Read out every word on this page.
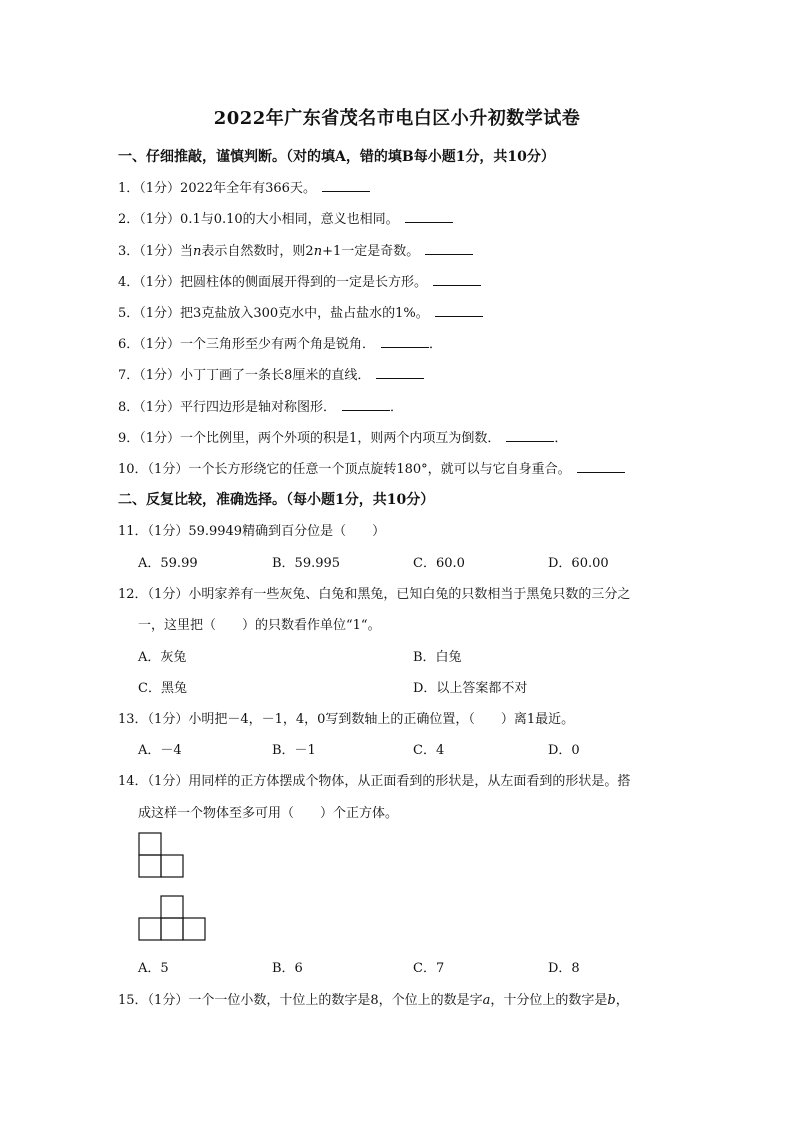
2022年广东省茂名市电白区小升初数学试卷
一、仔细推敲，谨慎判断。（对的填A，错的填B每小题1分，共10分）
1．（1分）2022年全年有366天。
2．（1分）0.1与0.10的大小相同，意义也相同。
3．（1分）当n表示自然数时，则2n+1一定是奇数。
4．（1分）把圆柱体的侧面展开得到的一定是长方形。
5．（1分）把3克盐放入300克水中，盐占盐水的1%。
6．（1分）一个三角形至少有两个角是锐角．	．
7．（1分）小丁丁画了一条长8厘米的直线．
8．（1分）平行四边形是轴对称图形．	．
9．（1分）一个比例里，两个外项的积是1，则两个内项互为倒数．	．
10．（1分）一个长方形绕它的任意一个顶点旋转180°，就可以与它自身重合。
二、反复比较，准确选择。（每小题1分，共10分）
11．（1分）59.9949精确到百分位是（　　）
A．59.99	B．59.995	C．60.0	D．60.00
12．（1分）小明家养有一些灰兔、白兔和黑兔，已知白兔的只数相当于黑兔只数的三分之
一，这里把（　　）的只数看作单位“1“。
A．灰兔	B．白兔
C．黑兔	D．以上答案都不对
13．（1分）小明把－4，－1，4，0写到数轴上的正确位置，（　　）离1最近。
A．－4	B．－1	C．4	D．0
14．（1分）用同样的正方体摆成个物体，从正面看到的形状是，从左面看到的形状是。搭
成这样一个物体至多可用（　　）个正方体。
A．5	B．6	C．7	D．8
15．（1分）一个一位小数，十位上的数字是8，个位上的数是字a，十分位上的数字是b，
